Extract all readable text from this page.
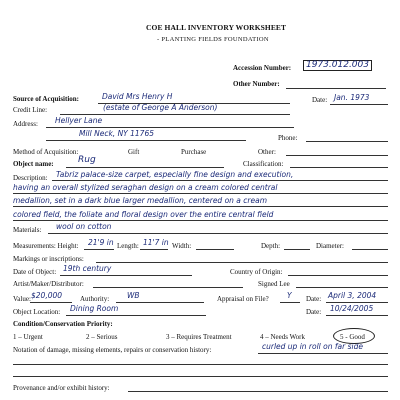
COE HALL INVENTORY WORKSHEET
- PLANTING FIELDS FOUNDATION
Accession Number:	1973.012.003
Other Number:
Source of Acquisition:	David Mrs Henry H	Date: Jan. 1973
Credit Line:	(estate of George A Anderson)
Address: Hellyer Lane
Mill Neck, NY 11765	Phone:
Method of Acquisition:	Gift	Purchase	Other:
Object name:	Rug	Classification:
Description: Tabriz palace-size carpet, especially fine design and execution,
having an overall stylized seraghan design on a cream colored central
medallion, set in a dark blue larger medallion, centered on a cream
colored field, the foliate and floral design over the entire central field
Materials: wool on cotton
Measurements: Height: 21'9 in Length: 11'7 in Width:	Depth:	Diameter:
Markings or inscriptions:
Date of Object: 19th century	Country of Origin:
Artist/Maker/Distributor:	Signed Lee
Value: $20,000	Authority: WB	Appraisal on File? Y Date: April 3, 2004
Object Location: Dining Room	Date: 10/24/2005
Condition/Conservation Priority:
1 – Urgent	2 – Serious	3 – Requires Treatment	4 – Needs Work	5 - Good
Notation of damage, missing elements, repairs or conservation history:	curled up in roll on far side
Provenance and/or exhibit history:
